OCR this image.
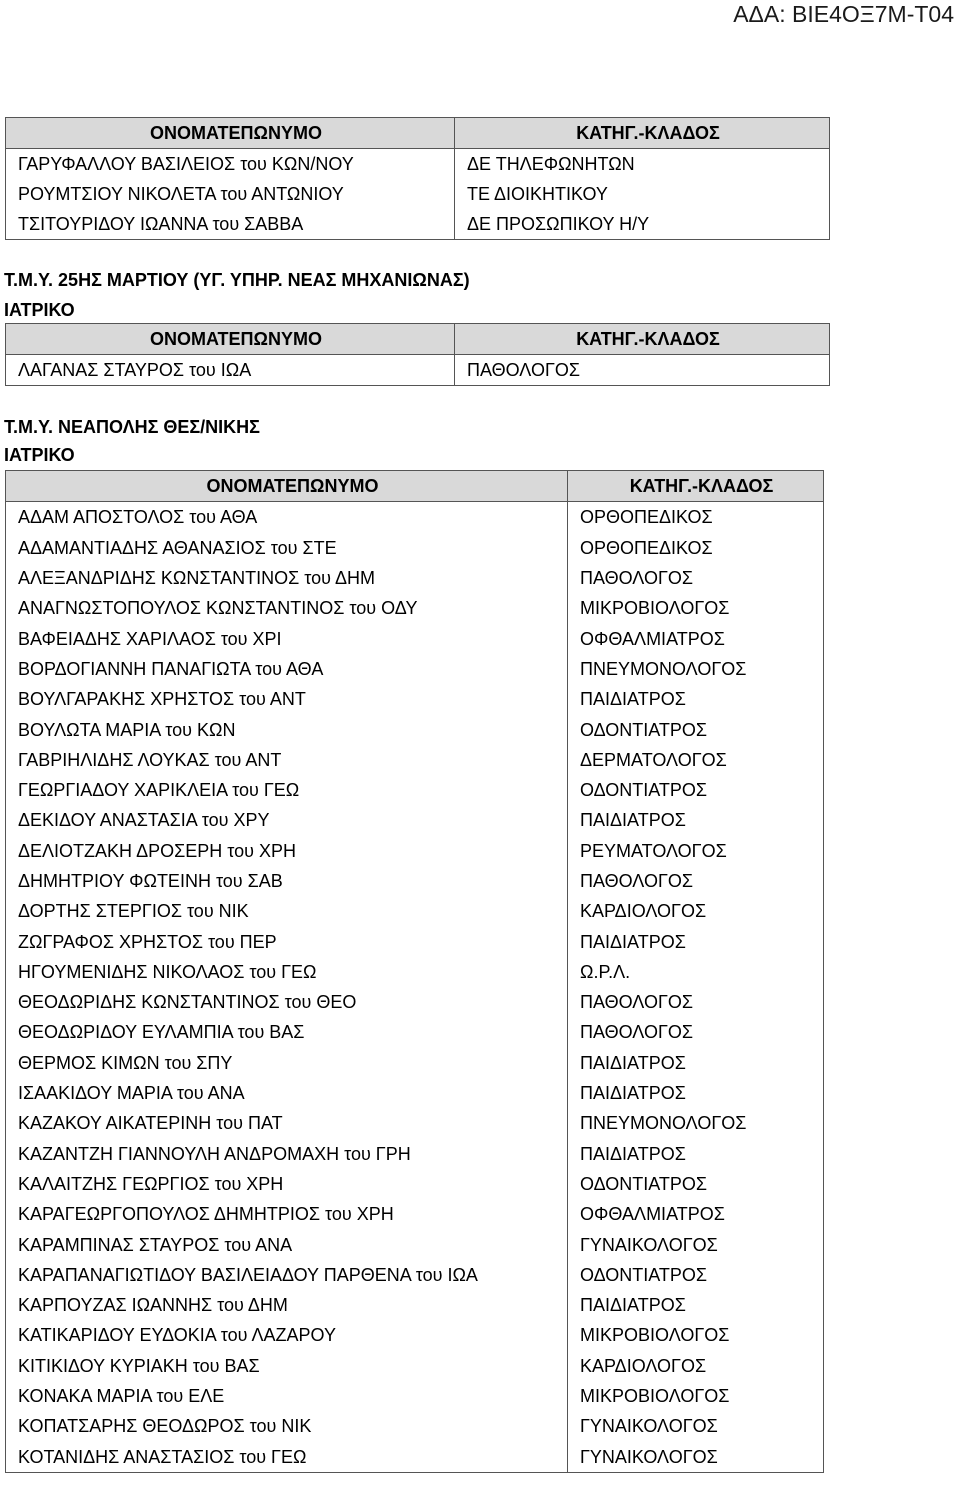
ΑΔΑ: ΒΙΕ4ΟΞ7Μ-Τ04
ΟΝΟΜΑΤΕΠΩΝΥΜΟ	ΚΑΤΗΓ.-ΚΛΑΔΟΣ
ΓΑΡΥΦΑΛΛΟΥ ΒΑΣΙΛΕΙΟΣ του ΚΩΝ/ΝΟΥ	ΔΕ ΤΗΛΕΦΩΝΗΤΩΝ
ΡΟΥΜΤΣΙΟΥ ΝΙΚΟΛΕΤΑ του ΑΝΤΩΝΙΟΥ	ΤΕ ΔΙΟΙΚΗΤΙΚΟΥ
ΤΣΙΤΟΥΡΙΔΟΥ ΙΩΑΝΝΑ του ΣΑΒΒΑ	ΔΕ ΠΡΟΣΩΠΙΚΟΥ Η/Υ
Τ.Μ.Υ. 25ΗΣ ΜΑΡΤΙΟΥ (ΥΓ. ΥΠΗΡ. ΝΕΑΣ ΜΗΧΑΝΙΩΝΑΣ)
ΙΑΤΡΙΚΟ
ΟΝΟΜΑΤΕΠΩΝΥΜΟ	ΚΑΤΗΓ.-ΚΛΑΔΟΣ
ΛΑΓΑΝΑΣ ΣΤΑΥΡΟΣ του ΙΩΑ	ΠΑΘΟΛΟΓΟΣ
Τ.Μ.Υ. ΝΕΑΠΟΛΗΣ ΘΕΣ/ΝΙΚΗΣ
ΙΑΤΡΙΚΟ
ΟΝΟΜΑΤΕΠΩΝΥΜΟ	ΚΑΤΗΓ.-ΚΛΑΔΟΣ
ΑΔΑΜ ΑΠΟΣΤΟΛΟΣ του ΑΘΑ	ΟΡΘΟΠΕΔΙΚΟΣ
ΑΔΑΜΑΝΤΙΑΔΗΣ ΑΘΑΝΑΣΙΟΣ του ΣΤΕ	ΟΡΘΟΠΕΔΙΚΟΣ
ΑΛΕΞΑΝΔΡΙΔΗΣ ΚΩΝΣΤΑΝΤΙΝΟΣ του ΔΗΜ	ΠΑΘΟΛΟΓΟΣ
ΑΝΑΓΝΩΣΤΟΠΟΥΛΟΣ ΚΩΝΣΤΑΝΤΙΝΟΣ του ΟΔΥ	ΜΙΚΡΟΒΙΟΛΟΓΟΣ
ΒΑΦΕΙΑΔΗΣ ΧΑΡΙΛΑΟΣ του ΧΡΙ	ΟΦΘΑΛΜΙΑΤΡΟΣ
ΒΟΡΔΟΓΙΑΝΝΗ ΠΑΝΑΓΙΩΤΑ του ΑΘΑ	ΠΝΕΥΜΟΝΟΛΟΓΟΣ
ΒΟΥΛΓΑΡΑΚΗΣ ΧΡΗΣΤΟΣ του ΑΝΤ	ΠΑΙΔΙΑΤΡΟΣ
ΒΟΥΛΩΤΑ ΜΑΡΙΑ του ΚΩΝ	ΟΔΟΝΤΙΑΤΡΟΣ
ΓΑΒΡΙΗΛΙΔΗΣ ΛΟΥΚΑΣ του ΑΝΤ	ΔΕΡΜΑΤΟΛΟΓΟΣ
ΓΕΩΡΓΙΑΔΟΥ ΧΑΡΙΚΛΕΙΑ του ΓΕΩ	ΟΔΟΝΤΙΑΤΡΟΣ
ΔΕΚΙΔΟΥ ΑΝΑΣΤΑΣΙΑ του ΧΡΥ	ΠΑΙΔΙΑΤΡΟΣ
ΔΕΛΙΟΤΖΑΚΗ ΔΡΟΣΕΡΗ του ΧΡΗ	ΡΕΥΜΑΤΟΛΟΓΟΣ
ΔΗΜΗΤΡΙΟΥ ΦΩΤΕΙΝΗ του ΣΑΒ	ΠΑΘΟΛΟΓΟΣ
ΔΟΡΤΗΣ ΣΤΕΡΓΙΟΣ του ΝΙΚ	ΚΑΡΔΙΟΛΟΓΟΣ
ΖΩΓΡΑΦΟΣ ΧΡΗΣΤΟΣ του ΠΕΡ	ΠΑΙΔΙΑΤΡΟΣ
ΗΓΟΥΜΕΝΙΔΗΣ ΝΙΚΟΛΑΟΣ του ΓΕΩ	Ω.Ρ.Λ.
ΘΕΟΔΩΡΙΔΗΣ ΚΩΝΣΤΑΝΤΙΝΟΣ του ΘΕΟ	ΠΑΘΟΛΟΓΟΣ
ΘΕΟΔΩΡΙΔΟΥ ΕΥΛΑΜΠΙΑ του ΒΑΣ	ΠΑΘΟΛΟΓΟΣ
ΘΕΡΜΟΣ ΚΙΜΩΝ του ΣΠΥ	ΠΑΙΔΙΑΤΡΟΣ
ΙΣΑΑΚΙΔΟΥ ΜΑΡΙΑ του ΑΝΑ	ΠΑΙΔΙΑΤΡΟΣ
ΚΑΖΑΚΟΥ ΑΙΚΑΤΕΡΙΝΗ του ΠΑΤ	ΠΝΕΥΜΟΝΟΛΟΓΟΣ
ΚΑΖΑΝΤΖΗ ΓΙΑΝΝΟΥΛΗ ΑΝΔΡΟΜΑΧΗ του ΓΡΗ	ΠΑΙΔΙΑΤΡΟΣ
ΚΑΛΑΙΤΖΗΣ ΓΕΩΡΓΙΟΣ του ΧΡΗ	ΟΔΟΝΤΙΑΤΡΟΣ
ΚΑΡΑΓΕΩΡΓΟΠΟΥΛΟΣ ΔΗΜΗΤΡΙΟΣ του ΧΡΗ	ΟΦΘΑΛΜΙΑΤΡΟΣ
ΚΑΡΑΜΠΙΝΑΣ ΣΤΑΥΡΟΣ του ΑΝΑ	ΓΥΝΑΙΚΟΛΟΓΟΣ
ΚΑΡΑΠΑΝΑΓΙΩΤΙΔΟΥ ΒΑΣΙΛΕΙΑΔΟΥ ΠΑΡΘΕΝΑ του ΙΩΑ	ΟΔΟΝΤΙΑΤΡΟΣ
ΚΑΡΠΟΥΖΑΣ ΙΩΑΝΝΗΣ του ΔΗΜ	ΠΑΙΔΙΑΤΡΟΣ
ΚΑΤΙΚΑΡΙΔΟΥ ΕΥΔΟΚΙΑ του ΛΑΖΑΡΟΥ	ΜΙΚΡΟΒΙΟΛΟΓΟΣ
ΚΙΤΙΚΙΔΟΥ ΚΥΡΙΑΚΗ του ΒΑΣ	ΚΑΡΔΙΟΛΟΓΟΣ
ΚΟΝΑΚΑ ΜΑΡΙΑ του ΕΛΕ	ΜΙΚΡΟΒΙΟΛΟΓΟΣ
ΚΟΠΑΤΣΑΡΗΣ ΘΕΟΔΩΡΟΣ του ΝΙΚ	ΓΥΝΑΙΚΟΛΟΓΟΣ
ΚΟΤΑΝΙΔΗΣ ΑΝΑΣΤΑΣΙΟΣ του ΓΕΩ	ΓΥΝΑΙΚΟΛΟΓΟΣ
